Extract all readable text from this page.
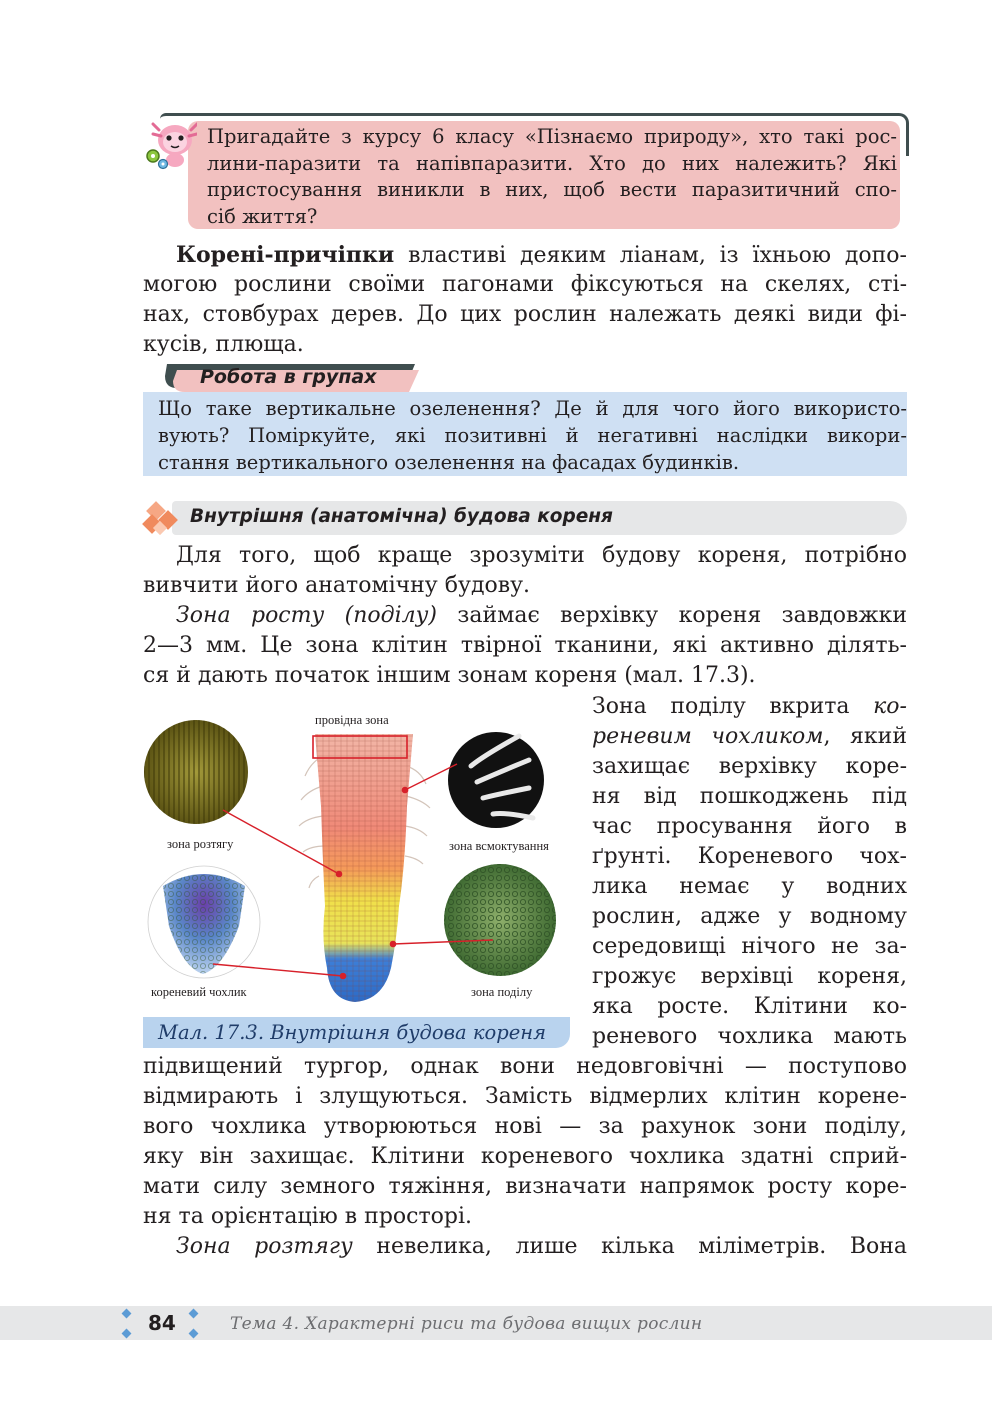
Пригадайте з курсу 6 класу «Пізнаємо природу», хто такі рос-
лини-паразити та напівпаразити. Хто до них належить? Які
пристосування виникли в них, щоб вести паразитичний спо-
сіб життя?
Корені-причіпки властиві деяким ліанам, із їхньою допо-
могою рослини своїми пагонами фіксуються на скелях, сті-
нах, стовбурах дерев. До цих рослин належать деякі види фі-
кусів, плюща.
Робота в групах
Що таке вертикальне озеленення? Де й для чого його використо-
вують? Поміркуйте, які позитивні й негативні наслідки викори-
стання вертикального озеленення на фасадах будинків.
Внутрішня (анатомічна) будова кореня
Для того, щоб краще зрозуміти будову кореня, потрібно
вивчити його анатомічну будову.
Зона росту (поділу) займає верхівку кореня завдовжки
2—3 мм. Це зона клітин твірної тканини, які активно ділять-
ся й дають початок іншим зонам кореня (мал. 17.3).
провідна зона
зона розтягу	зона всмоктування
кореневий чохлик	зона поділу
Мал. 17.3. Внутрішня будова кореня
Зона поділу вкрита ко-
реневим чохликом, який
захищає верхівку коре-
ня від пошкоджень під
час просування його в
ґрунті. Кореневого чох-
лика немає у водних
рослин, адже у водному
середовищі нічого не за-
грожує верхівці кореня,
яка росте. Клітини ко-
реневого чохлика мають
підвищений тургор, однак вони недовговічні — поступово
відмирають і злущуються. Замість відмерлих клітин корене-
вого чохлика утворюються нові — за рахунок зони поділу,
яку він захищає. Клітини кореневого чохлика здатні сприй-
мати силу земного тяжіння, визначати напрямок росту коре-
ня та орієнтацію в просторі.
Зона розтягу невелика, лише кілька міліметрів. Вона
84	Тема 4. Характерні риси та будова вищих рослин
